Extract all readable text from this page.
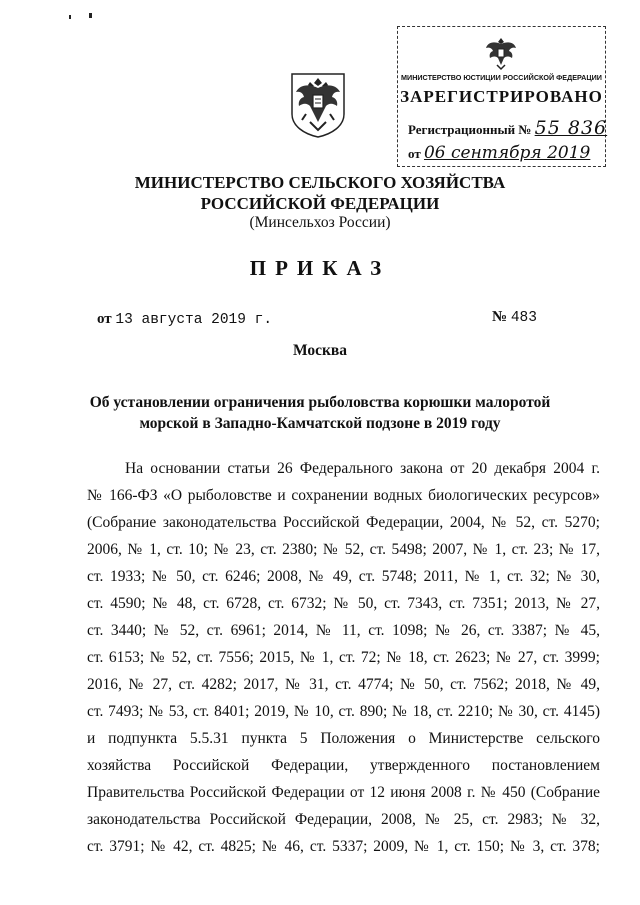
МИНИСТЕРСТВО ЮСТИЦИИ РОССИЙСКОЙ ФЕДЕРАЦИИ
ЗАРЕГИСТРИРОВАНО
Регистрационный № 55 836
от 06 сентября 2019
МИНИСТЕРСТВО СЕЛЬСКОГО ХОЗЯЙСТВА
РОССИЙСКОЙ ФЕДЕРАЦИИ
(Минсельхоз России)
ПРИКАЗ
от 13 августа 2019 г.	№ 483
Москва
Об установлении ограничения рыболовства корюшки малоротой
морской в Западно-Камчатской подзоне в 2019 году
На основании статьи 26 Федерального закона от 20 декабря 2004 г.
№ 166-ФЗ «О рыболовстве и сохранении водных биологических ресурсов»
(Собрание законодательства Российской Федерации, 2004, № 52, ст. 5270;
2006, № 1, ст. 10; № 23, ст. 2380; № 52, ст. 5498; 2007, № 1, ст. 23; № 17,
ст. 1933; № 50, ст. 6246; 2008, № 49, ст. 5748; 2011, № 1, ст. 32; № 30,
ст. 4590; № 48, ст. 6728, ст. 6732; № 50, ст. 7343, ст. 7351; 2013, № 27,
ст. 3440; № 52, ст. 6961; 2014, № 11, ст. 1098; № 26, ст. 3387; № 45,
ст. 6153; № 52, ст. 7556; 2015, № 1, ст. 72; № 18, ст. 2623; № 27, ст. 3999;
2016, № 27, ст. 4282; 2017, № 31, ст. 4774; № 50, ст. 7562; 2018, № 49,
ст. 7493; № 53, ст. 8401; 2019, № 10, ст. 890; № 18, ст. 2210; № 30, ст. 4145)
и подпункта 5.5.31 пункта 5 Положения о Министерстве сельского
хозяйства Российской Федерации, утвержденного постановлением
Правительства Российской Федерации от 12 июня 2008 г. № 450 (Собрание
законодательства Российской Федерации, 2008, № 25, ст. 2983; № 32,
ст. 3791; № 42, ст. 4825; № 46, ст. 5337; 2009, № 1, ст. 150; № 3, ст. 378;
